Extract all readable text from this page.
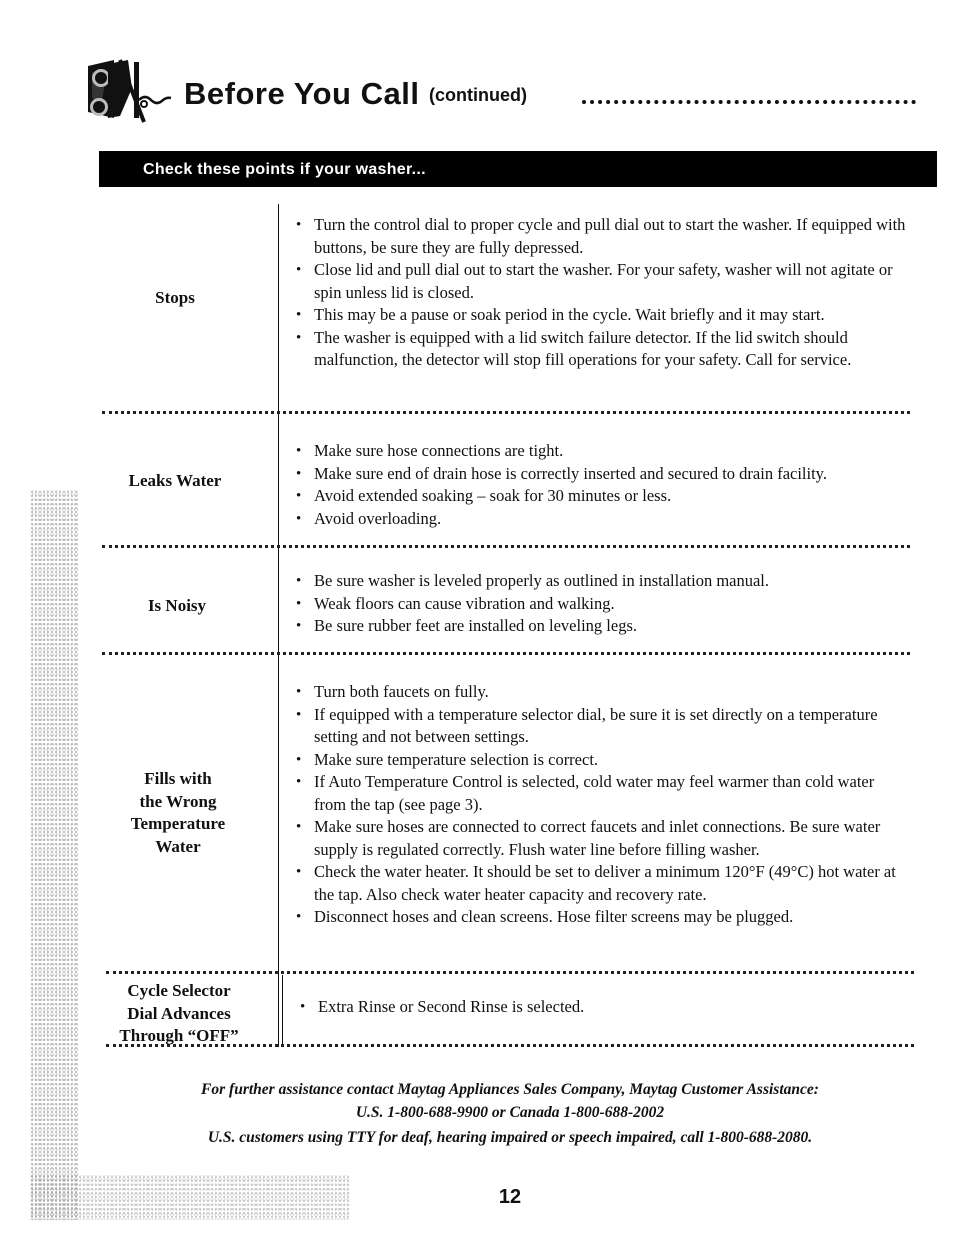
Before You Call (continued)
Check these points if your washer...
Stops
• Turn the control dial to proper cycle and pull dial out to start the washer. If equipped with buttons, be sure they are fully depressed.
• Close lid and pull dial out to start the washer. For your safety, washer will not agitate or spin unless lid is closed.
• This may be a pause or soak period in the cycle. Wait briefly and it may start.
• The washer is equipped with a lid switch failure detector. If the lid switch should malfunction, the detector will stop fill operations for your safety. Call for service.
Leaks Water
• Make sure hose connections are tight.
• Make sure end of drain hose is correctly inserted and secured to drain facility.
• Avoid extended soaking – soak for 30 minutes or less.
• Avoid overloading.
Is Noisy
• Be sure washer is leveled properly as outlined in installation manual.
• Weak floors can cause vibration and walking.
• Be sure rubber feet are installed on leveling legs.
Fills with
the Wrong
Temperature
Water
• Turn both faucets on fully.
• If equipped with a temperature selector dial, be sure it is set directly on a temperature setting and not between settings.
• Make sure temperature selection is correct.
• If Auto Temperature Control is selected, cold water may feel warmer than cold water from the tap (see page 3).
• Make sure hoses are connected to correct faucets and inlet connections. Be sure water supply is regulated correctly. Flush water line before filling washer.
• Check the water heater. It should be set to deliver a minimum 120°F (49°C) hot water at the tap. Also check water heater capacity and recovery rate.
• Disconnect hoses and clean screens. Hose filter screens may be plugged.
Cycle Selector
Dial Advances
Through “OFF”
• Extra Rinse or Second Rinse is selected.
For further assistance contact Maytag Appliances Sales Company, Maytag Customer Assistance:
U.S. 1-800-688-9900 or Canada 1-800-688-2002
U.S. customers using TTY for deaf, hearing impaired or speech impaired, call 1-800-688-2080.
12
